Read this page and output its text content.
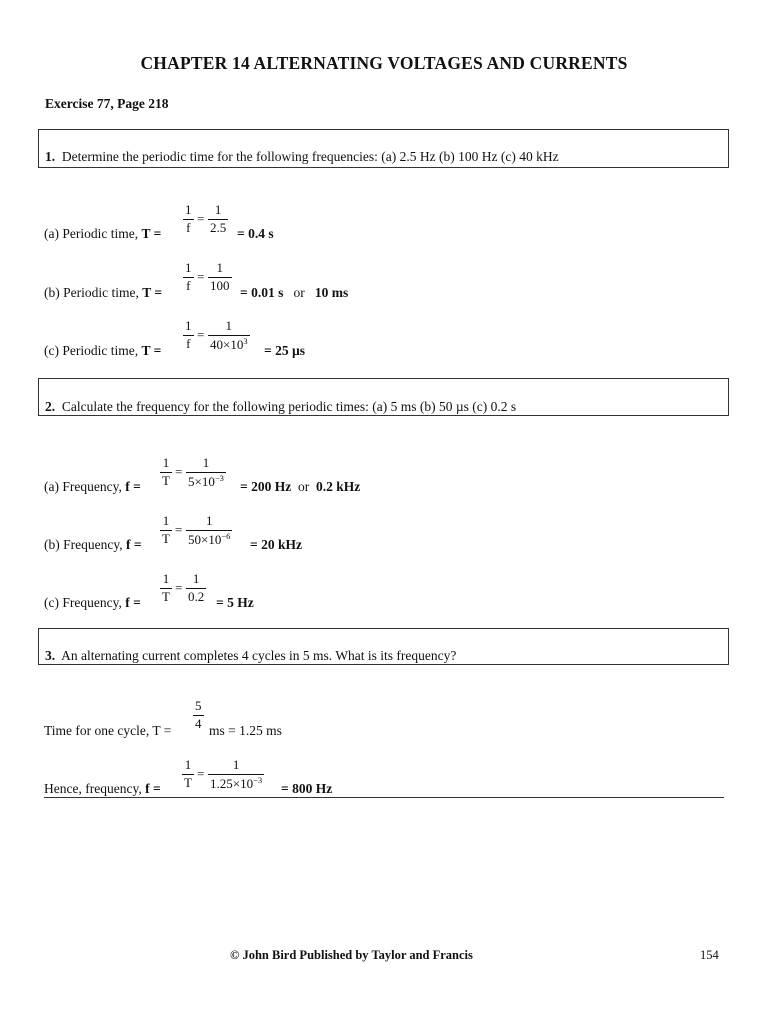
CHAPTER 14 ALTERNATING VOLTAGES AND CURRENTS
Exercise 77, Page 218
1. Determine the periodic time for the following frequencies: (a) 2.5 Hz (b) 100 Hz (c) 40 kHz
(a) Periodic time, T =
1
f
=
1
2.5 = 0.4 s
(b) Periodic time, T =
1
f
=
1
100 = 0.01 s or 10 ms
(c) Periodic time, T =
1
f
=
1
$40\times 10^3$
= 25 µs
2. Calculate the frequency for the following periodic times: (a) 5 ms (b) 50 µs (c) 0.2 s
(a) Frequency, f =
1
T
=
1
$5\times 10^{-3}$
= 200 Hz or 0.2 kHz
(b) Frequency, f =
1
T
=
1
$50\times 10^{-6}$
= 20 kHz
(c) Frequency, f =
1
T
=
1
0.2 = 5 Hz
3. An alternating current completes 4 cycles in 5 ms. What is its frequency?
Time for one cycle, T =
5
4 ms = 1.25 ms
Hence, frequency, f =
1
T
=
1
$1.25\times 10^{-3}$
= 800 Hz
© John Bird Published by Taylor and Francis	154
